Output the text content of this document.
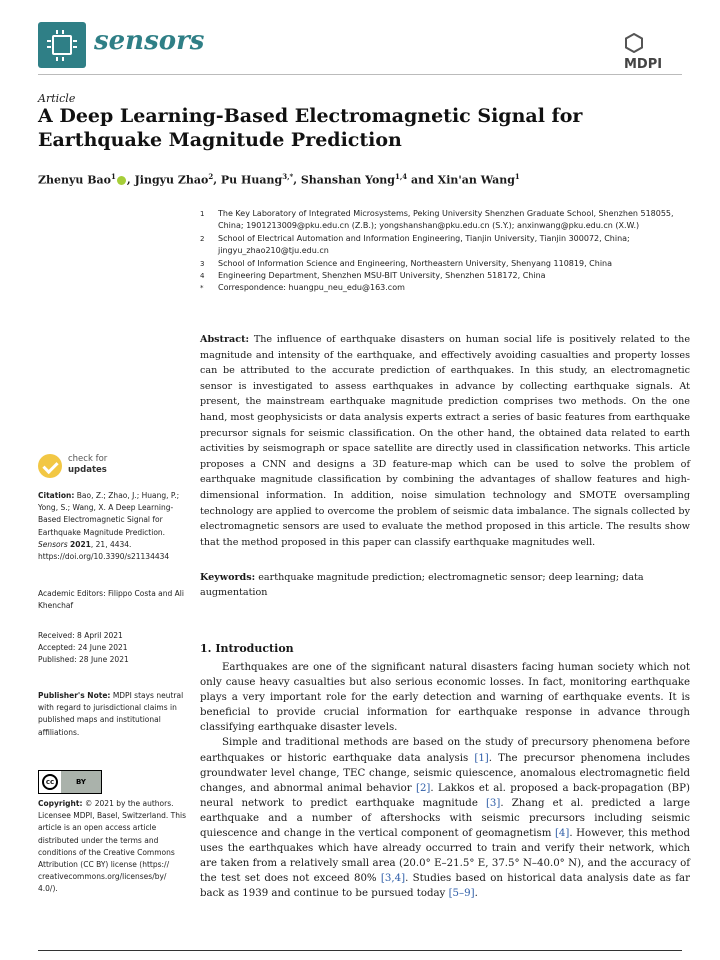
sensors
MDPI
Article
A Deep Learning-Based Electromagnetic Signal for Earthquake Magnitude Prediction
Zhenyu Bao$^1$ , Jingyu Zhao$^2$, Pu Huang$^{3,*}$, Shanshan Yong$^{1,4}$ and Xin'an Wang$^1$
1	The Key Laboratory of Integrated Microsystems, Peking University Shenzhen Graduate School, Shenzhen 518055, China; 1901213009@pku.edu.cn (Z.B.); yongshanshan@pku.edu.cn (S.Y.); anxinwang@pku.edu.cn (X.W.)
2	School of Electrical Automation and Information Engineering, Tianjin University, Tianjin 300072, China; jingyu_zhao210@tju.edu.cn
3	School of Information Science and Engineering, Northeastern University, Shenyang 110819, China
4	Engineering Department, Shenzhen MSU-BIT University, Shenzhen 518172, China
*	Correspondence: huangpu_neu_edu@163.com
Abstract: The influence of earthquake disasters on human social life is positively related to the magnitude and intensity of the earthquake, and effectively avoiding casualties and property losses can be attributed to the accurate prediction of earthquakes. In this study, an electromagnetic sensor is investigated to assess earthquakes in advance by collecting earthquake signals. At present, the mainstream earthquake magnitude prediction comprises two methods. On the one hand, most geophysicists or data analysis experts extract a series of basic features from earthquake precursor signals for seismic classification. On the other hand, the obtained data related to earth activities by seismograph or space satellite are directly used in classification networks. This article proposes a CNN and designs a 3D feature-map which can be used to solve the problem of earthquake magnitude classification by combining the advantages of shallow features and high-dimensional information. In addition, noise simulation technology and SMOTE oversampling technology are applied to overcome the problem of seismic data imbalance. The signals collected by electromagnetic sensors are used to evaluate the method proposed in this article. The results show that the method proposed in this paper can classify earthquake magnitudes well.
Keywords: earthquake magnitude prediction; electromagnetic sensor; deep learning; data augmentation
check for
updates
Citation: Bao, Z.; Zhao, J.; Huang, P.; Yong, S.; Wang, X. A Deep Learning-Based Electromagnetic Signal for Earthquake Magnitude Prediction. Sensors 2021, 21, 4434. https://doi.org/10.3390/s21134434
Academic Editors: Filippo Costa and Ali Khenchaf
Received: 8 April 2021
Accepted: 24 June 2021
Published: 28 June 2021
Publisher's Note: MDPI stays neutral with regard to jurisdictional claims in published maps and institutional affiliations.
cc	BY
Copyright: © 2021 by the authors. Licensee MDPI, Basel, Switzerland. This article is an open access article distributed under the terms and conditions of the Creative Commons Attribution (CC BY) license (https:// creativecommons.org/licenses/by/ 4.0/).
1. Introduction

Earthquakes are one of the significant natural disasters facing human society which not only cause heavy casualties but also serious economic losses. In fact, monitoring earthquake plays a very important role for the early detection and warning of earthquake events. It is beneficial to provide crucial information for earthquake response in advance through classifying earthquake disaster levels.

Simple and traditional methods are based on the study of precursory phenomena before earthquakes or historic earthquake data analysis [1]. The precursor phenomena includes groundwater level change, TEC change, seismic quiescence, anomalous electromagnetic field changes, and abnormal animal behavior [2]. Lakkos et al. proposed a back-propagation (BP) neural network to predict earthquake magnitude [3]. Zhang et al. predicted a large earthquake and a number of aftershocks with seismic precursors including seismic quiescence and change in the vertical component of geomagnetism [4]. However, this method uses the earthquakes which have already occurred to train and verify their network, which are taken from a relatively small area (20.0° E–21.5° E, 37.5° N–40.0° N), and the accuracy of the test set does not exceed 80% [3,4]. Studies based on historical data analysis date as far back as 1939 and continue to be pursued today [5–9].
